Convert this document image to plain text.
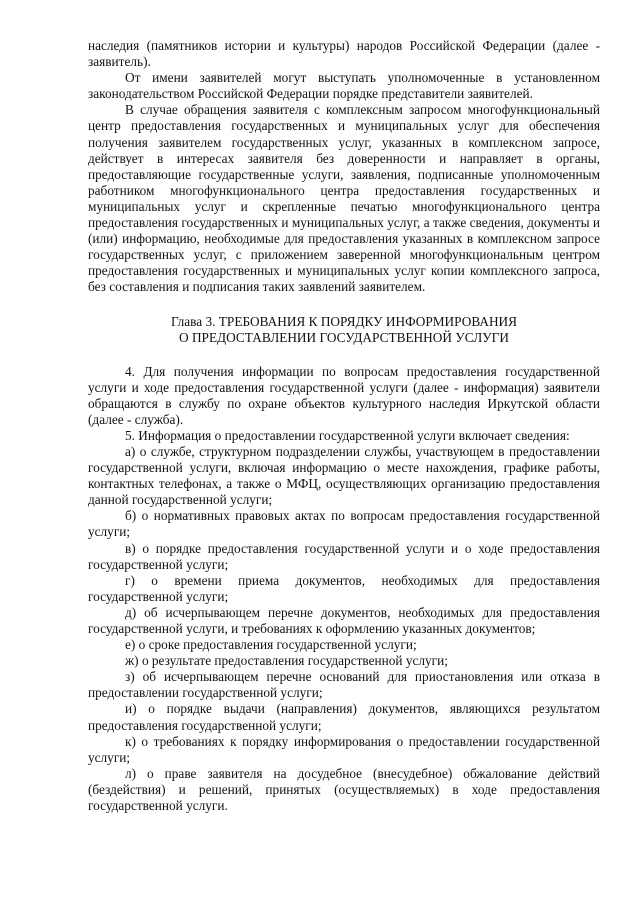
наследия (памятников истории и культуры) народов Российской Федерации (далее - заявитель).

От имени заявителей могут выступать уполномоченные в установленном законодательством Российской Федерации порядке представители заявителей.

В случае обращения заявителя с комплексным запросом многофункциональный центр предоставления государственных и муниципальных услуг для обеспечения получения заявителем государственных услуг, указанных в комплексном запросе, действует в интересах заявителя без доверенности и направляет в органы, предоставляющие государственные услуги, заявления, подписанные уполномоченным работником многофункционального центра предоставления государственных и муниципальных услуг и скрепленные печатью многофункционального центра предоставления государственных и муниципальных услуг, а также сведения, документы и (или) информацию, необходимые для предоставления указанных в комплексном запросе государственных услуг, с приложением заверенной многофункциональным центром предоставления государственных и муниципальных услуг копии комплексного запроса, без составления и подписания таких заявлений заявителем.

Глава 3. ТРЕБОВАНИЯ К ПОРЯДКУ ИНФОРМИРОВАНИЯ
О ПРЕДОСТАВЛЕНИИ ГОСУДАРСТВЕННОЙ УСЛУГИ

4. Для получения информации по вопросам предоставления государственной услуги и ходе предоставления государственной услуги (далее - информация) заявители обращаются в службу по охране объектов культурного наследия Иркутской области (далее - служба).

5. Информация о предоставлении государственной услуги включает сведения:

а) о службе, структурном подразделении службы, участвующем в предоставлении государственной услуги, включая информацию о месте нахождения, графике работы, контактных телефонах, а также о МФЦ, осуществляющих организацию предоставления данной государственной услуги;

б) о нормативных правовых актах по вопросам предоставления государственной услуги;

в) о порядке предоставления государственной услуги и о ходе предоставления государственной услуги;

г) о времени приема документов, необходимых для предоставления государственной услуги;

д) об исчерпывающем перечне документов, необходимых для предоставления государственной услуги, и требованиях к оформлению указанных документов;

е) о сроке предоставления государственной услуги;

ж) о результате предоставления государственной услуги;

з) об исчерпывающем перечне оснований для приостановления или отказа в предоставлении государственной услуги;

и) о порядке выдачи (направления) документов, являющихся результатом предоставления государственной услуги;

к) о требованиях к порядку информирования о предоставлении государственной услуги;

л) о праве заявителя на досудебное (внесудебное) обжалование действий (бездействия) и решений, принятых (осуществляемых) в ходе предоставления государственной услуги.
